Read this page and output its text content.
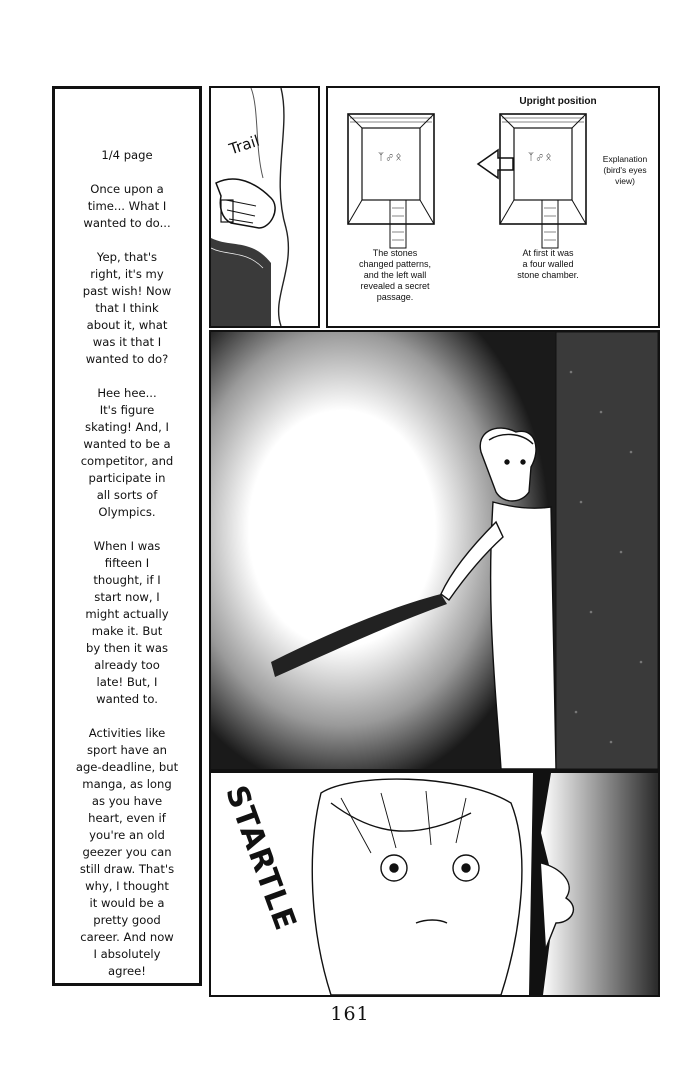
1/4 page

Once upon a
time... What I
wanted to do...

Yep, that's
right, it's my
past wish! Now
that I think
about it, what
was it that I
wanted to do?

Hee hee...
It's figure
skating! And, I
wanted to be a
competitor, and
participate in
all sorts of
Olympics.

When I was
fifteen I
thought, if I
start now, I
might actually
make it. But
by then it was
already too
late! But, I
wanted to.

Activities like
sport have an
age-deadline, but
manga, as long
as you have
heart, even if
you're an old
geezer you can
still draw. That's
why, I thought
it would be a
pretty good
career. And now
I absolutely
agree!
Trail
Upright position
ᛉ ☍ ᛟ	ᛉ ☍ ᛟ	Explanation
(bird's eyes
view)
The stones
changed patterns,
and the left wall
revealed a secret
passage.
At first it was
a four walled
stone chamber.
STARTLE
161
